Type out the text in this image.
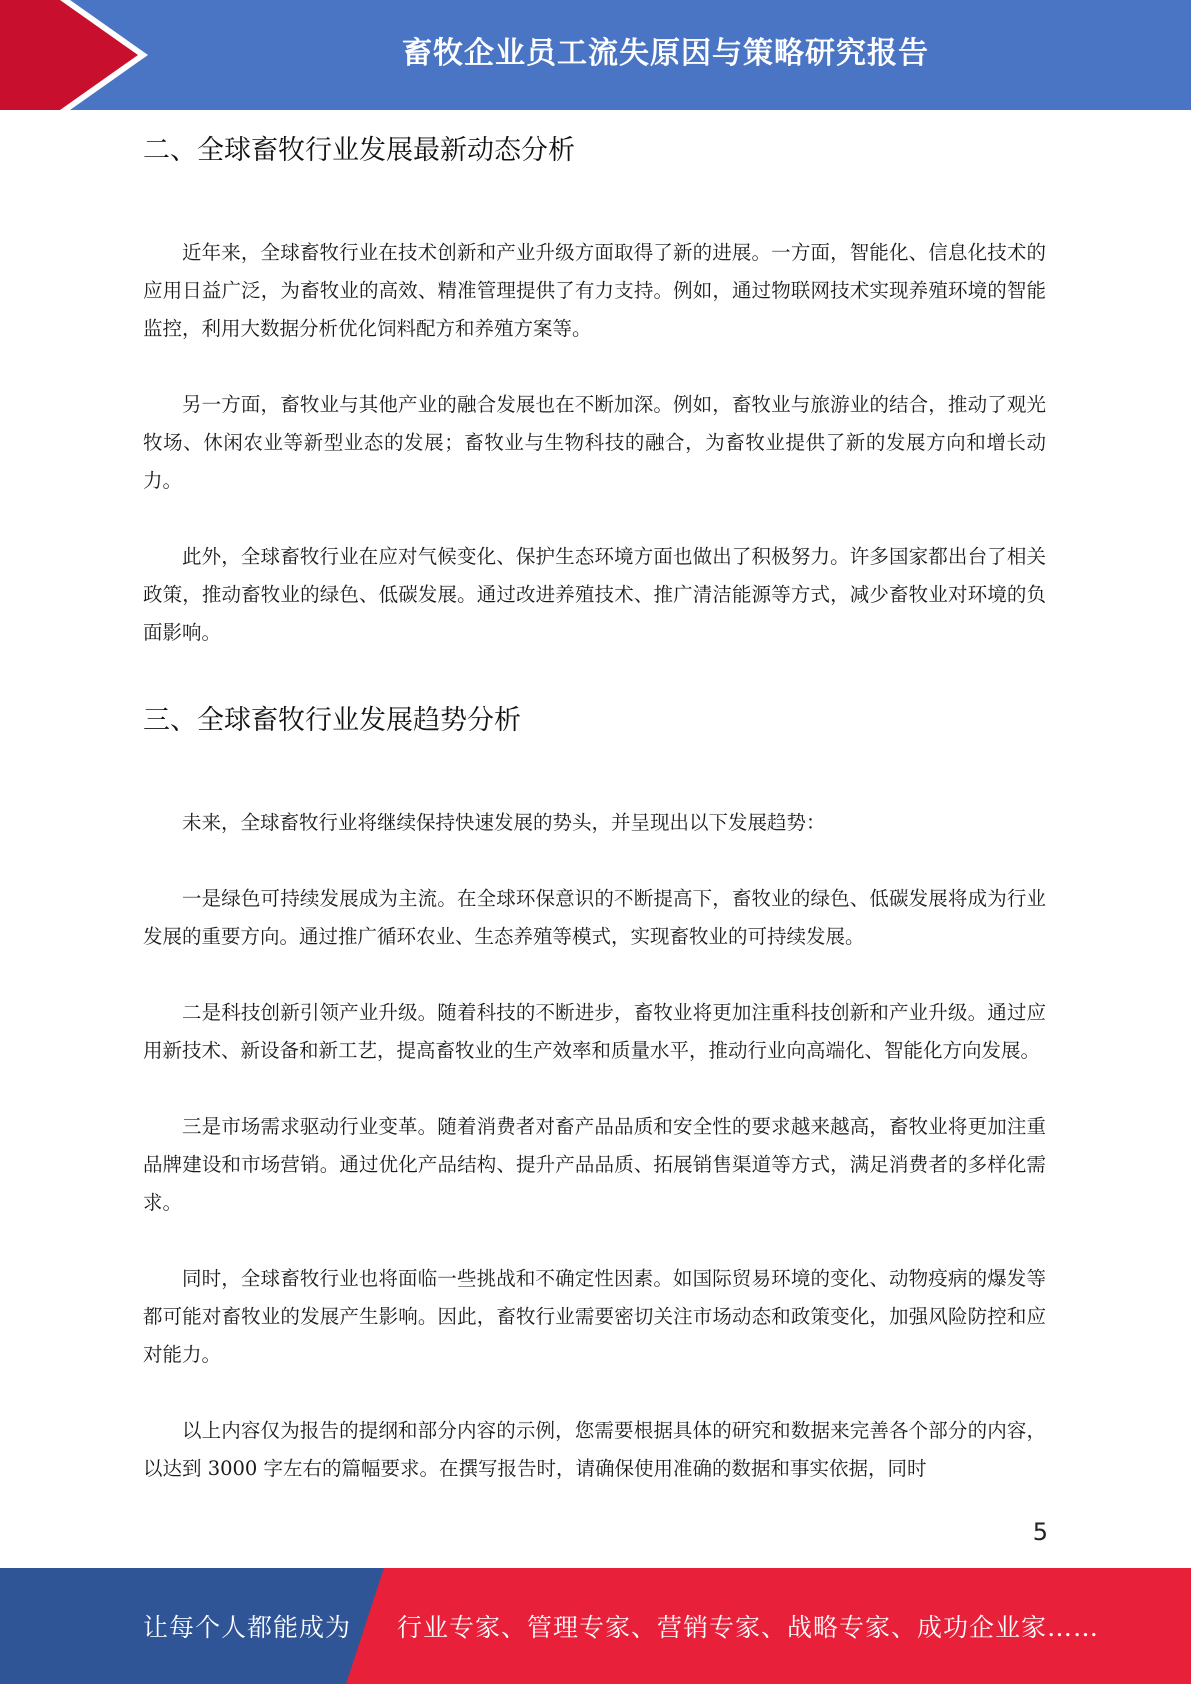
畜牧企业员工流失原因与策略研究报告
二、全球畜牧行业发展最新动态分析

近年来，全球畜牧行业在技术创新和产业升级方面取得了新的进展。一方面，智能化、信息化技术的应用日益广泛，为畜牧业的高效、精准管理提供了有力支持。例如，通过物联网技术实现养殖环境的智能监控，利用大数据分析优化饲料配方和养殖方案等。

另一方面，畜牧业与其他产业的融合发展也在不断加深。例如，畜牧业与旅游业的结合，推动了观光牧场、休闲农业等新型业态的发展；畜牧业与生物科技的融合，为畜牧业提供了新的发展方向和增长动力。

此外，全球畜牧行业在应对气候变化、保护生态环境方面也做出了积极努力。许多国家都出台了相关政策，推动畜牧业的绿色、低碳发展。通过改进养殖技术、推广清洁能源等方式，减少畜牧业对环境的负面影响。

三、全球畜牧行业发展趋势分析

未来，全球畜牧行业将继续保持快速发展的势头，并呈现出以下发展趋势：

一是绿色可持续发展成为主流。在全球环保意识的不断提高下，畜牧业的绿色、低碳发展将成为行业发展的重要方向。通过推广循环农业、生态养殖等模式，实现畜牧业的可持续发展。

二是科技创新引领产业升级。随着科技的不断进步，畜牧业将更加注重科技创新和产业升级。通过应用新技术、新设备和新工艺，提高畜牧业的生产效率和质量水平，推动行业向高端化、智能化方向发展。

三是市场需求驱动行业变革。随着消费者对畜产品品质和安全性的要求越来越高，畜牧业将更加注重品牌建设和市场营销。通过优化产品结构、提升产品品质、拓展销售渠道等方式，满足消费者的多样化需求。

同时，全球畜牧行业也将面临一些挑战和不确定性因素。如国际贸易环境的变化、动物疫病的爆发等都可能对畜牧业的发展产生影响。因此，畜牧行业需要密切关注市场动态和政策变化，加强风险防控和应对能力。

以上内容仅为报告的提纲和部分内容的示例，您需要根据具体的研究和数据来完善各个部分的内容，以达到 3000 字左右的篇幅要求。在撰写报告时，请确保使用准确的数据和事实依据，同时

5
让每个人都能成为 行业专家、管理专家、营销专家、战略专家、成功企业家……
